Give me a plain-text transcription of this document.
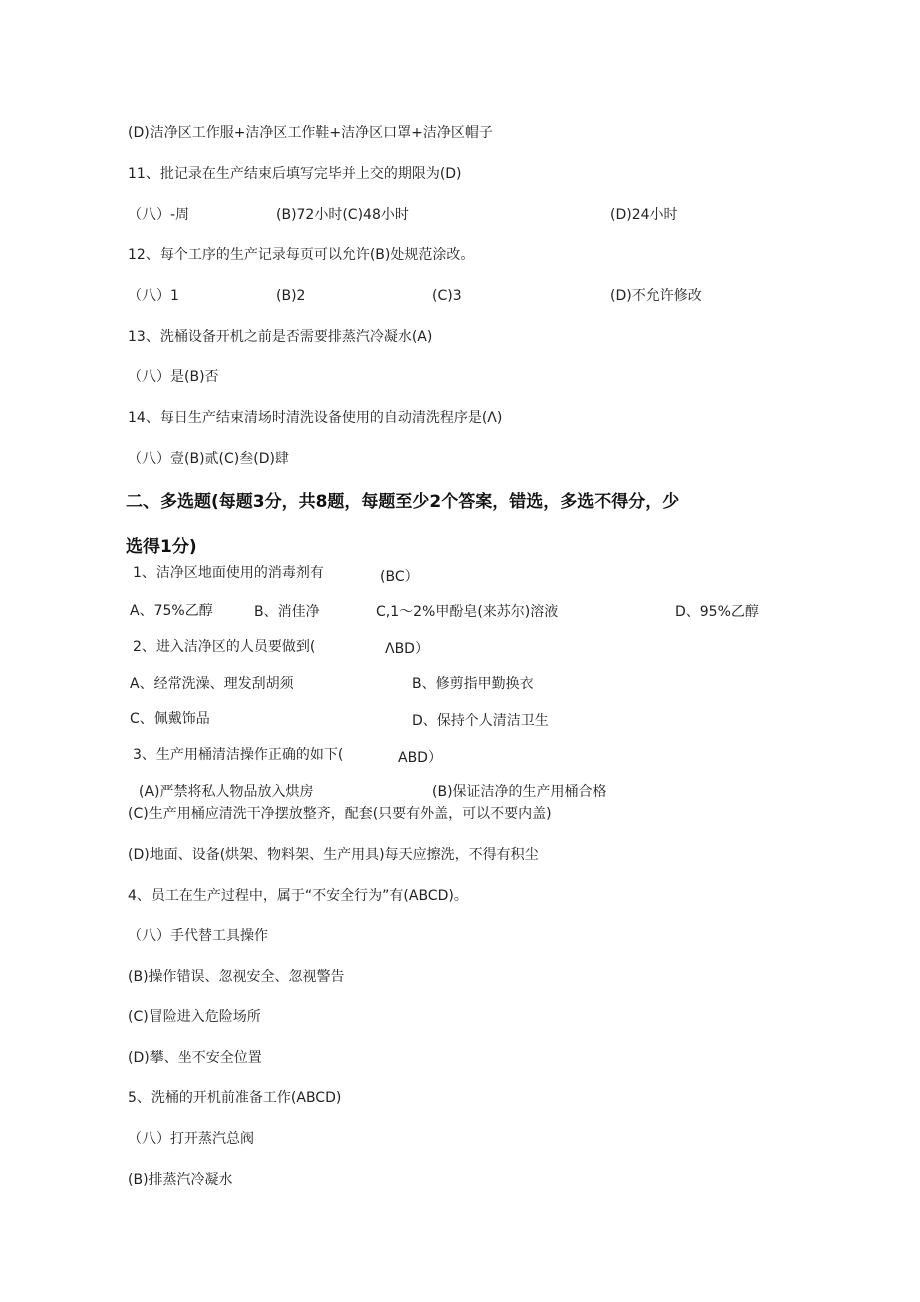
(D)洁净区工作服+洁净区工作鞋+洁净区口罩+洁净区帽子
11、批记录在生产结束后填写完毕并上交的期限为(D)
（八）-周	(B)72小时(C)48小时	(D)24小时
12、每个工序的生产记录每页可以允许(B)处规范涂改。
（八）1	(B)2	(C)3	(D)不允许修改
13、洗桶设备开机之前是否需要排蒸汽冷凝水(A)
（八）是(B)否
14、每日生产结束清场时清洗设备使用的自动清洗程序是(Λ)
（八）壹(B)贰(C)叁(D)肆
二、多选题(每题3分，共8题，每题至少2个答案，错选，多选不得分，少
选得1分)
1、洁净区地面使用的消毒剂有	(BC）
A、75%乙醇	B、消佳净	C,1〜2%甲酚皂(来苏尔)溶液	D、95%乙醇
2、进入洁净区的人员要做到(	ΛBD）
A、经常洗澡、理发刮胡须	B、修剪指甲勤换衣
C、佩戴饰品	D、保持个人清洁卫生
3、生产用桶清洁操作正确的如下(	ABD）
(A)严禁将私人物品放入烘房	(B)保证洁净的生产用桶合格
(C)生产用桶应清洗干净摆放整齐，配套(只要有外盖，可以不要内盖)
(D)地面、设备(烘架、物料架、生产用具)每天应擦洗，不得有积尘
4、员工在生产过程中，属于“不安全行为”有(ABCD)。
（八）手代替工具操作
(B)操作错误、忽视安全、忽视警告
(C)冒险进入危险场所
(D)攀、坐不安全位置
5、洗桶的开机前准备工作(ABCD)
（八）打开蒸汽总阀
(B)排蒸汽冷凝水
